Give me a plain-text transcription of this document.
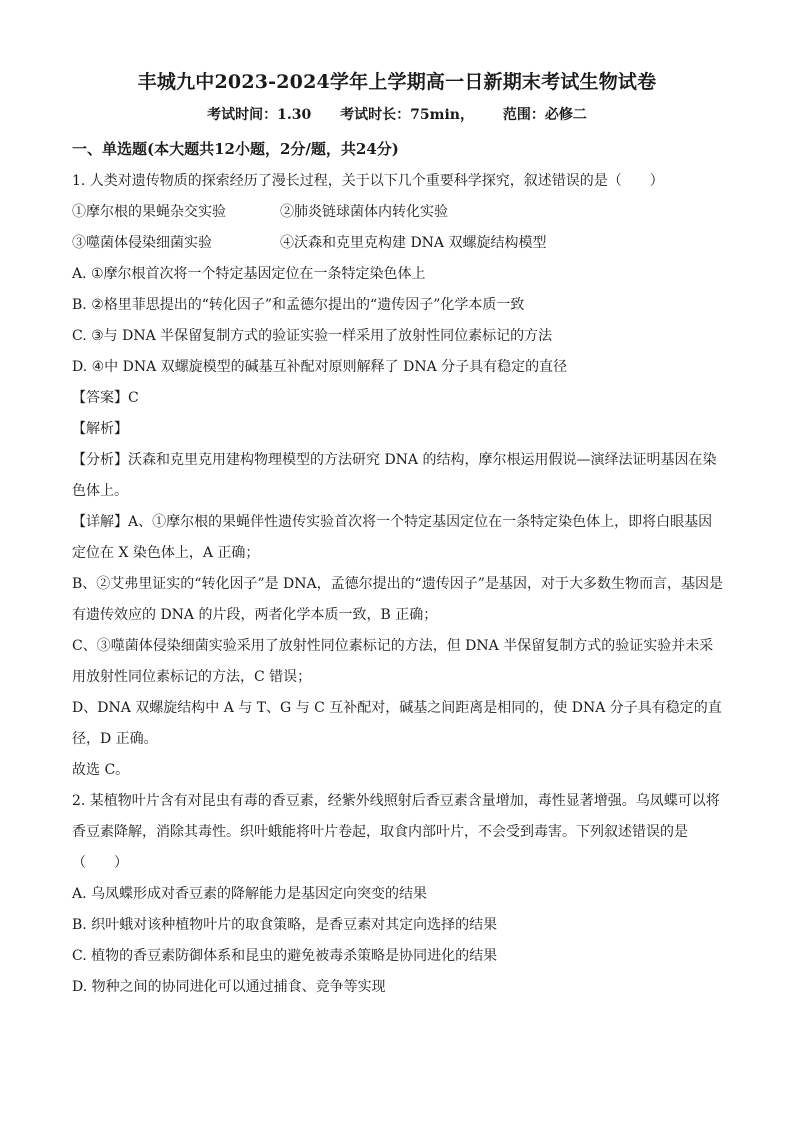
丰城九中2023-2024学年上学期高一日新期末考试生物试卷
考试时间：1.30 考试时长：75min， 范围：必修二
一、单选题(本大题共12小题，2分/题，共24分)

1. 人类对遗传物质的探索经历了漫长过程，关于以下几个重要科学探究，叙述错误的是（　　）

①摩尔根的果蝇杂交实验	②肺炎链球菌体内转化实验

③噬菌体侵染细菌实验	④沃森和克里克构建 DNA 双螺旋结构模型

A. ①摩尔根首次将一个特定基因定位在一条特定染色体上

B. ②格里菲思提出的“转化因子”和孟德尔提出的“遗传因子”化学本质一致

C. ③与 DNA 半保留复制方式的验证实验一样采用了放射性同位素标记的方法

D. ④中 DNA 双螺旋模型的碱基互补配对原则解释了 DNA 分子具有稳定的直径

【答案】C

【解析】

【分析】沃森和克里克用建构物理模型的方法研究 DNA 的结构，摩尔根运用假说—演绎法证明基因在染

色体上。

【详解】A、①摩尔根的果蝇伴性遗传实验首次将一个特定基因定位在一条特定染色体上，即将白眼基因

定位在 X 染色体上，A 正确；

B、②艾弗里证实的“转化因子”是 DNA，孟德尔提出的“遗传因子”是基因，对于大多数生物而言，基因是

有遗传效应的 DNA 的片段，两者化学本质一致，B 正确；

C、③噬菌体侵染细菌实验采用了放射性同位素标记的方法，但 DNA 半保留复制方式的验证实验并未采

用放射性同位素标记的方法，C 错误；

D、DNA 双螺旋结构中 A 与 T、G 与 C 互补配对，碱基之间距离是相同的，使 DNA 分子具有稳定的直

径，D 正确。

故选 C。

2. 某植物叶片含有对昆虫有毒的香豆素，经紫外线照射后香豆素含量增加，毒性显著增强。乌凤蝶可以将

香豆素降解，消除其毒性。织叶蛾能将叶片卷起，取食内部叶片，不会受到毒害。下列叙述错误的是

（　　）

A. 乌凤蝶形成对香豆素的降解能力是基因定向突变的结果

B. 织叶蛾对该种植物叶片的取食策略，是香豆素对其定向选择的结果

C. 植物的香豆素防御体系和昆虫的避免被毒杀策略是协同进化的结果

D. 物种之间的协同进化可以通过捕食、竞争等实现
